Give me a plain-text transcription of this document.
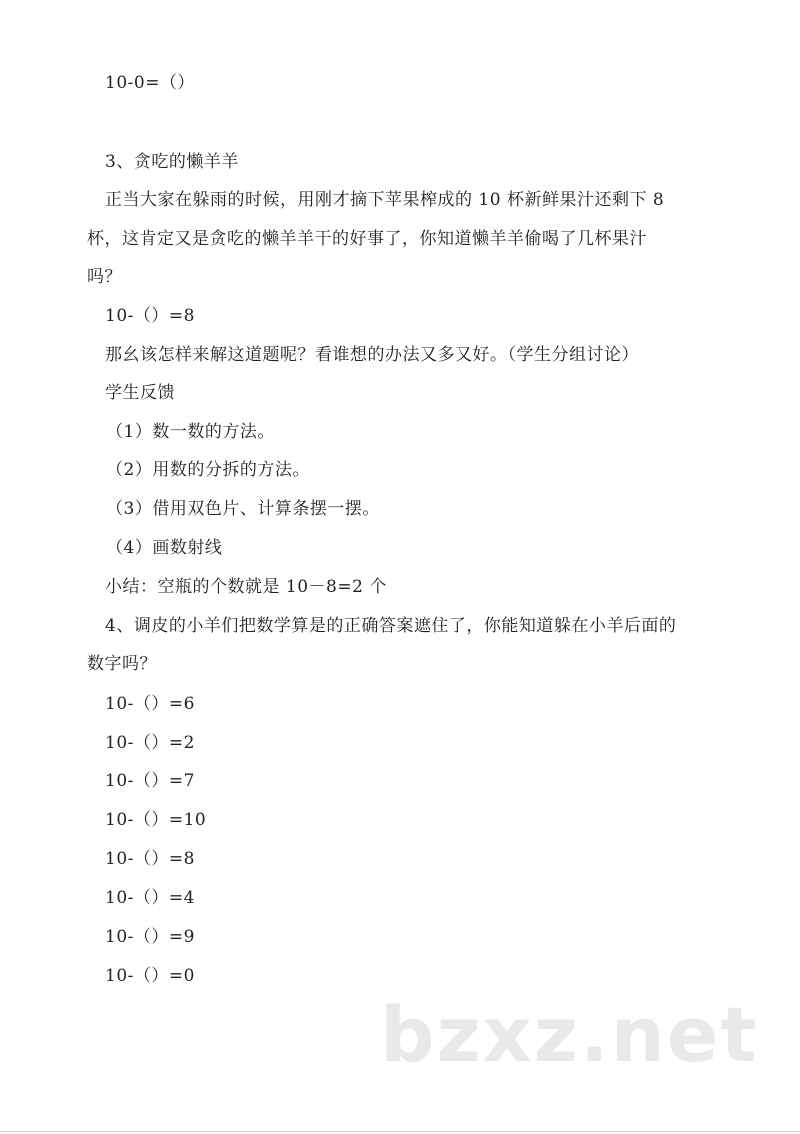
10-0=（）
3、贪吃的懒羊羊
正当大家在躲雨的时候，用刚才摘下苹果榨成的 10 杯新鲜果汁还剩下 8
杯，这肯定又是贪吃的懒羊羊干的好事了，你知道懒羊羊偷喝了几杯果汁
吗？
10-（）=8
那幺该怎样来解这道题呢？看谁想的办法又多又好。（学生分组讨论）
学生反馈
（1）数一数的方法。
（2）用数的分拆的方法。
（3）借用双色片、计算条摆一摆。
（4）画数射线
小结：空瓶的个数就是 10－8=2 个
4、调皮的小羊们把数学算是的正确答案遮住了，你能知道躲在小羊后面的
数字吗？
10-（）=6
10-（）=2
10-（）=7
10-（）=10
10-（）=8
10-（）=4
10-（）=9
10-（）=0
bzxz.net
